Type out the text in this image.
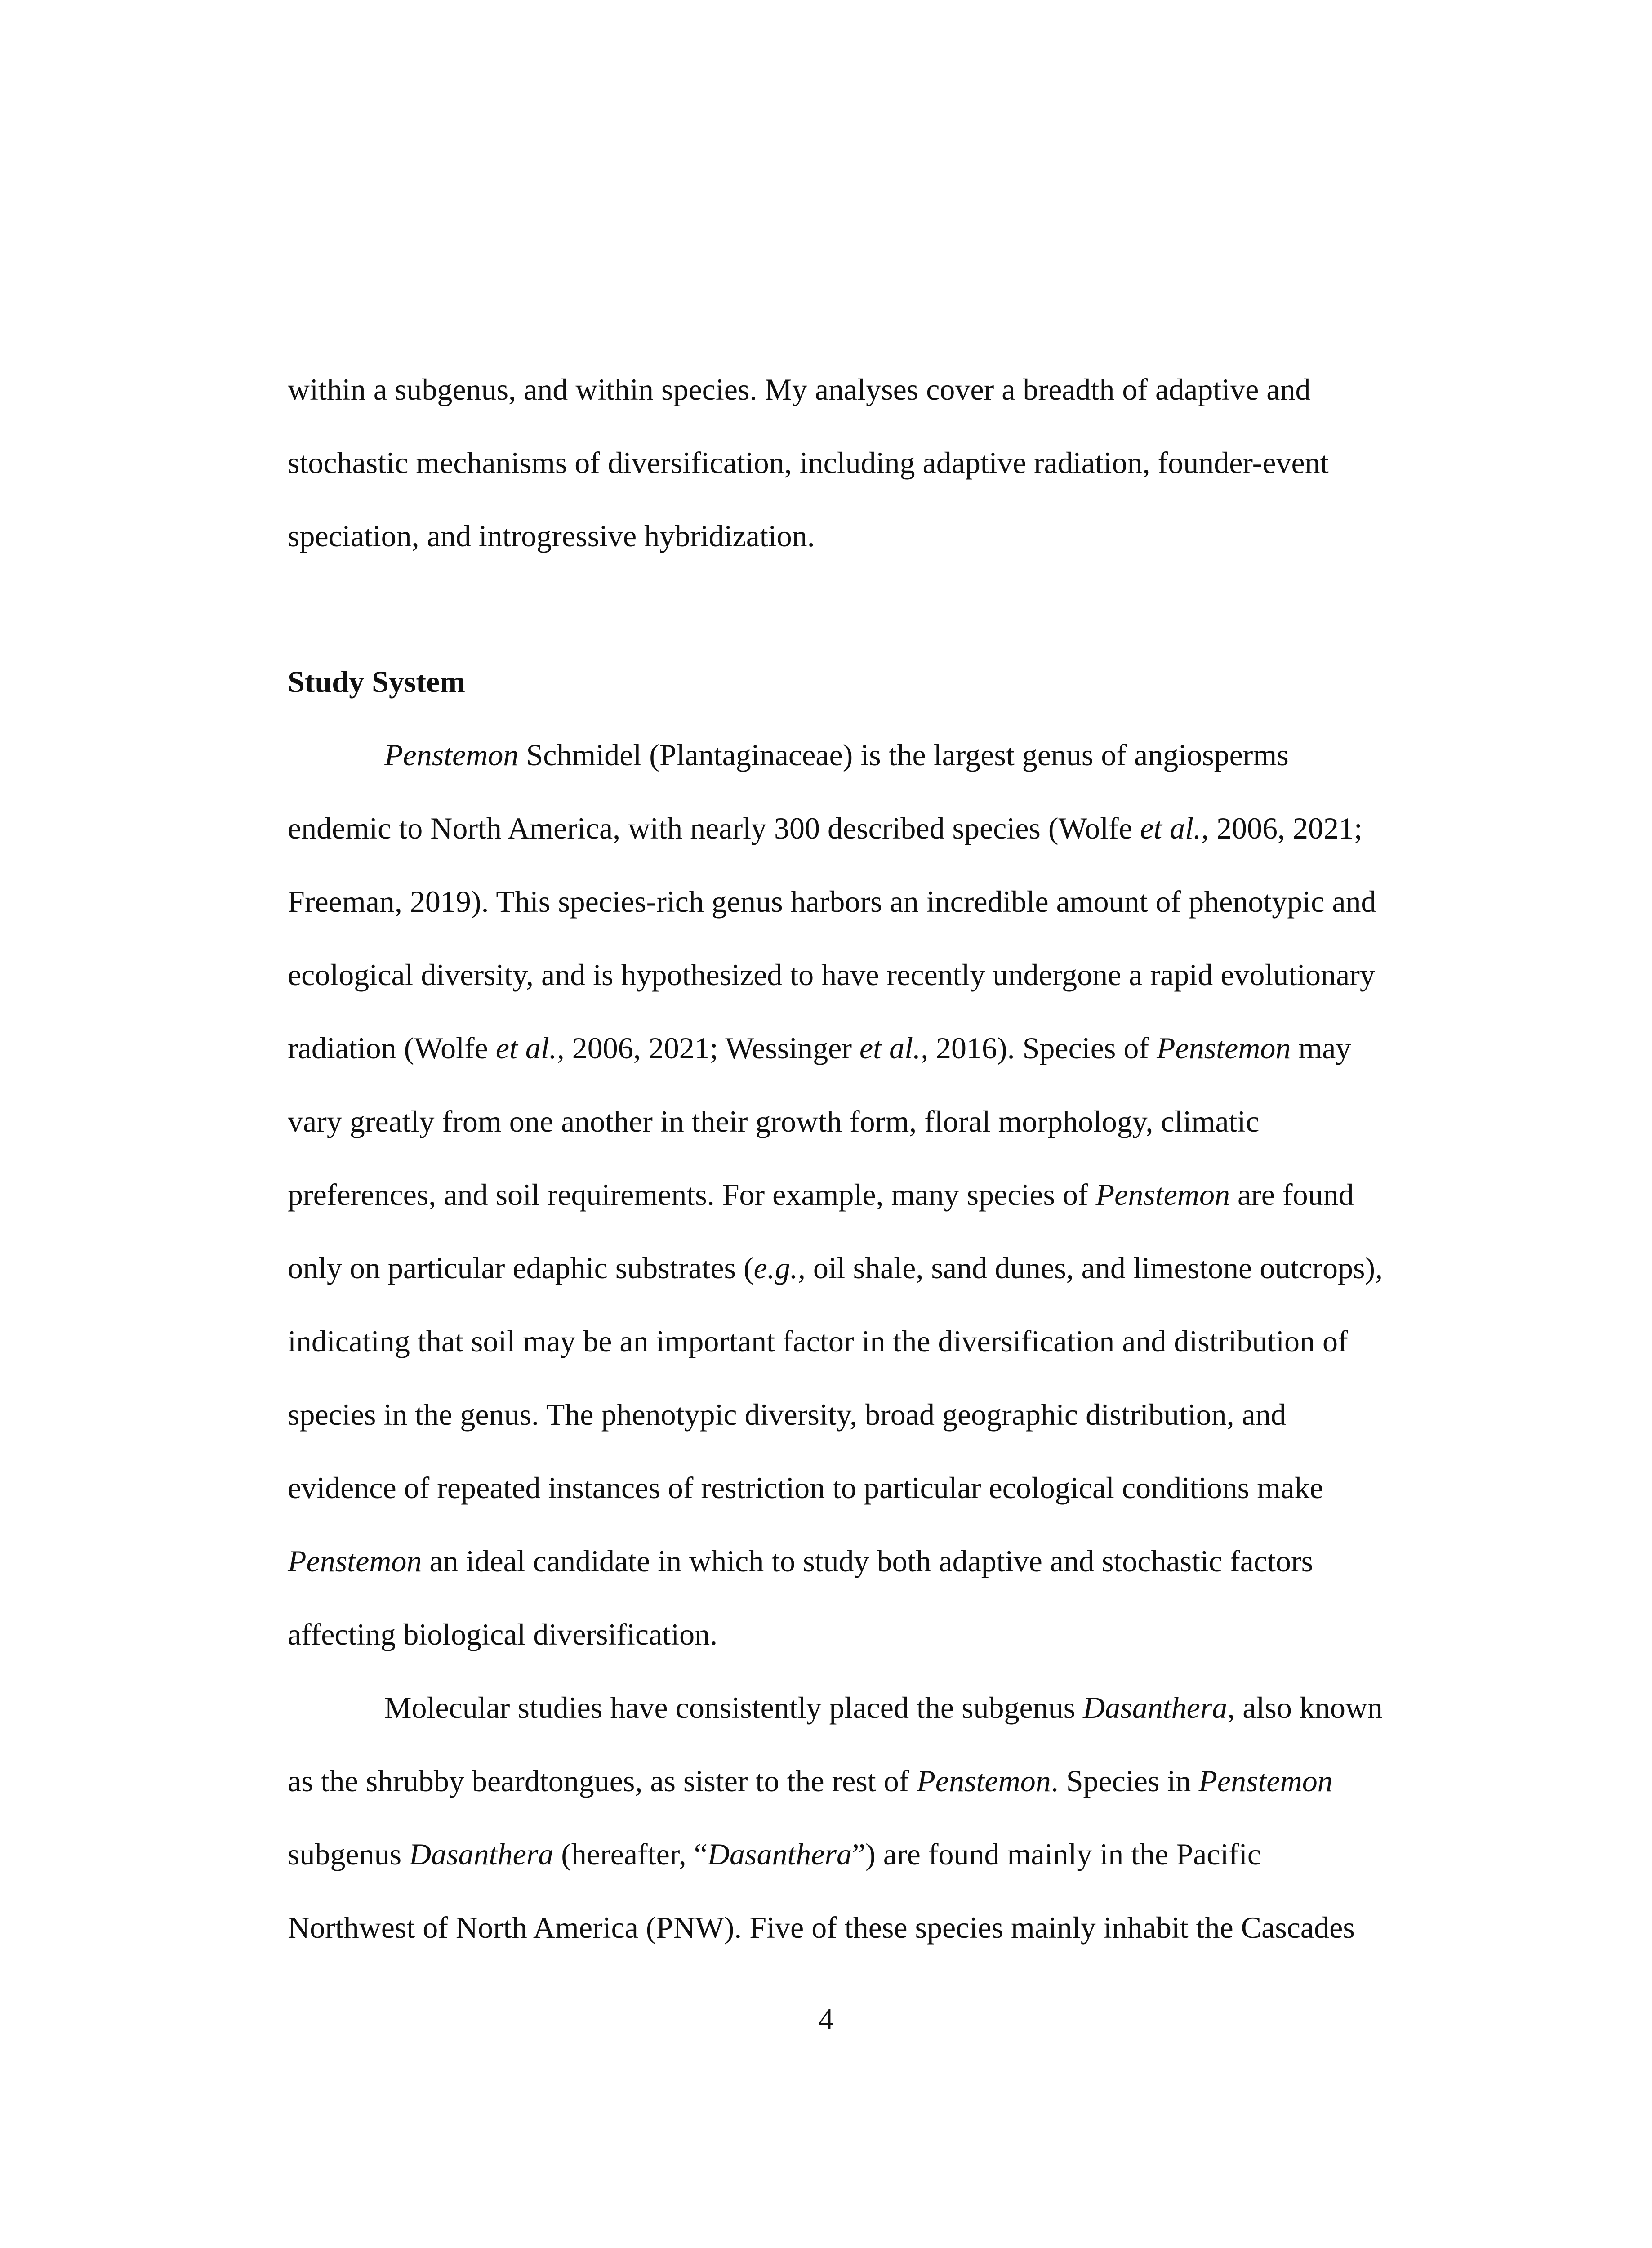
within a subgenus, and within species. My analyses cover a breadth of adaptive and
stochastic mechanisms of diversification, including adaptive radiation, founder-event
speciation, and introgressive hybridization.
Study System
Penstemon Schmidel (Plantaginaceae) is the largest genus of angiosperms
endemic to North America, with nearly 300 described species (Wolfe et al., 2006, 2021;
Freeman, 2019). This species-rich genus harbors an incredible amount of phenotypic and
ecological diversity, and is hypothesized to have recently undergone a rapid evolutionary
radiation (Wolfe et al., 2006, 2021; Wessinger et al., 2016). Species of Penstemon may
vary greatly from one another in their growth form, floral morphology, climatic
preferences, and soil requirements. For example, many species of Penstemon are found
only on particular edaphic substrates (e.g., oil shale, sand dunes, and limestone outcrops),
indicating that soil may be an important factor in the diversification and distribution of
species in the genus. The phenotypic diversity, broad geographic distribution, and
evidence of repeated instances of restriction to particular ecological conditions make
Penstemon an ideal candidate in which to study both adaptive and stochastic factors
affecting biological diversification.
Molecular studies have consistently placed the subgenus Dasanthera, also known
as the shrubby beardtongues, as sister to the rest of Penstemon. Species in Penstemon
subgenus Dasanthera (hereafter, “Dasanthera”) are found mainly in the Pacific
Northwest of North America (PNW). Five of these species mainly inhabit the Cascades
4
